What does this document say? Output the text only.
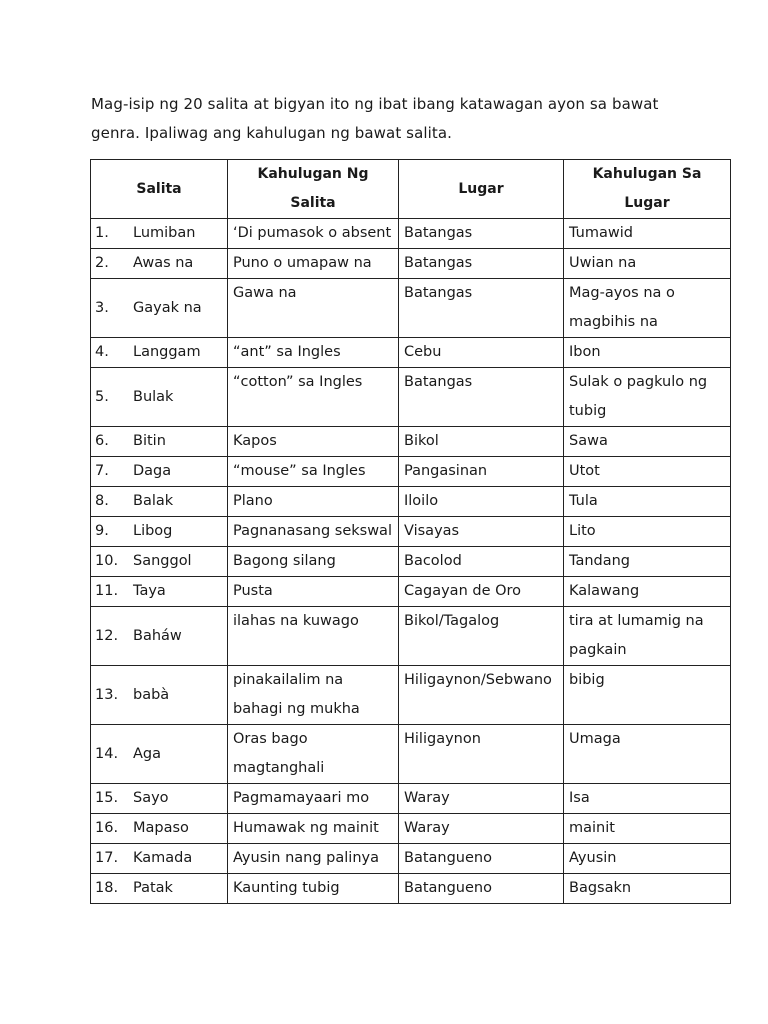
Mag-isip ng 20 salita at bigyan ito ng ibat ibang katawagan ayon sa bawat
genra. Ipaliwag ang kahulugan ng bawat salita.

Salita	Kahulugan Ng Salita	Lugar	Kahulugan Sa Lugar
1. Lumiban	‘Di pumasok o absent	Batangas	Tumawid
2. Awas na	Puno o umapaw na	Batangas	Uwian na
3. Gayak na	Gawa na	Batangas	Mag-ayos na o magbihis na
4. Langgam	“ant” sa Ingles	Cebu	Ibon
5. Bulak	“cotton” sa Ingles	Batangas	Sulak o pagkulo ng tubig
6. Bitin	Kapos	Bikol	Sawa
7. Daga	“mouse” sa Ingles	Pangasinan	Utot
8. Balak	Plano	Iloilo	Tula
9. Libog	Pagnanasang sekswal	Visayas	Lito
10. Sanggol	Bagong silang	Bacolod	Tandang
11. Taya	Pusta	Cagayan de Oro	Kalawang
12. Baháw	ilahas na kuwago	Bikol/Tagalog	tira at lumamig na pagkain
13. babà	pinakailalim na bahagi ng mukha	Hiligaynon/Sebwano	bibig
14. Aga	Oras bago magtanghali	Hiligaynon	Umaga
15. Sayo	Pagmamayaari mo	Waray	Isa
16. Mapaso	Humawak ng mainit	Waray	mainit
17. Kamada	Ayusin nang palinya	Batangueno	Ayusin
18. Patak	Kaunting tubig	Batangueno	Bagsakn
